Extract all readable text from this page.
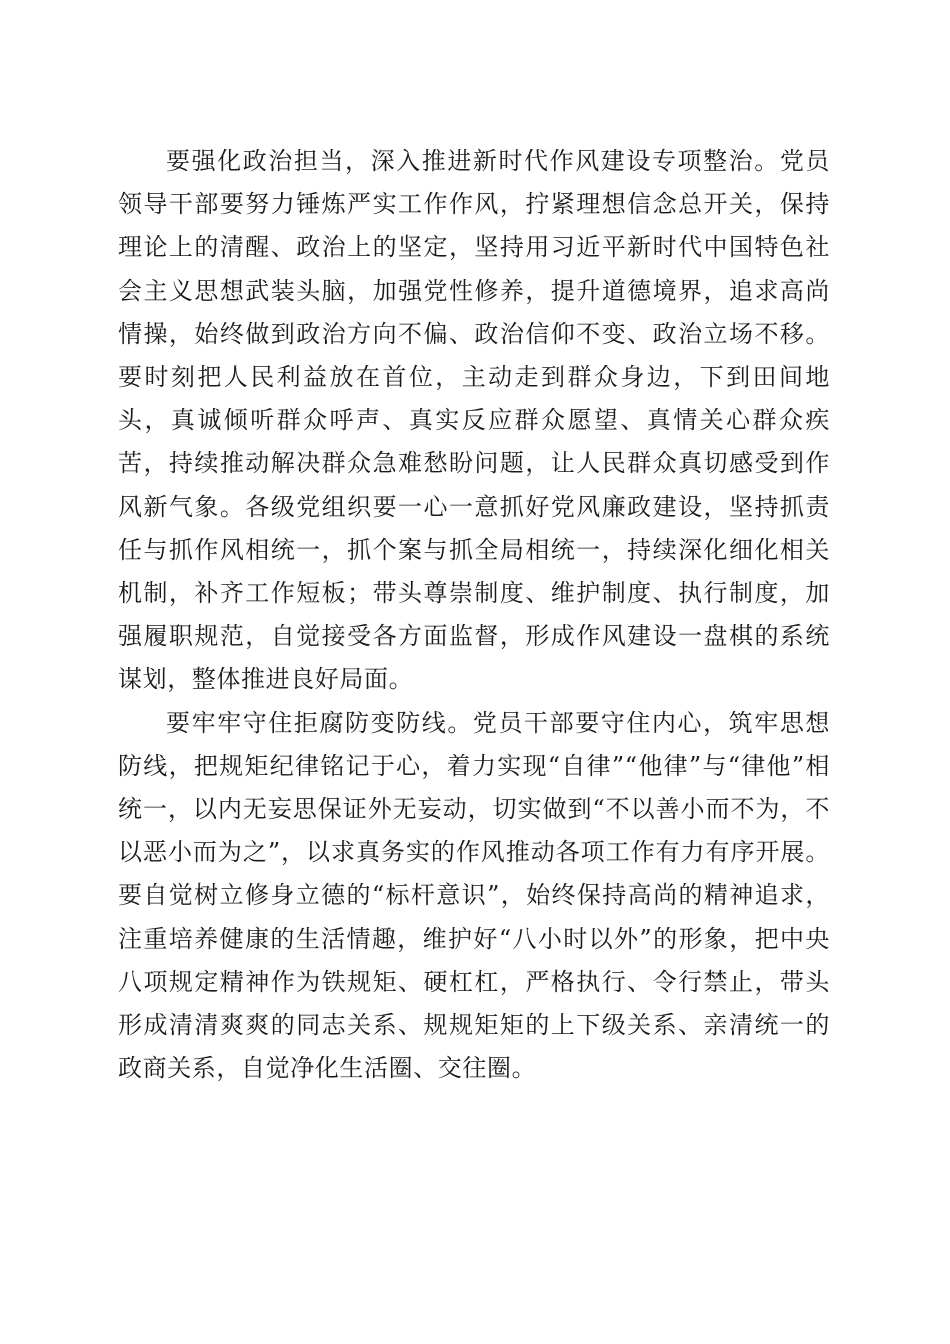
要强化政治担当，深入推进新时代作风建设专项整治。党员领导干部要努力锤炼严实工作作风，拧紧理想信念总开关，保持理论上的清醒、政治上的坚定，坚持用习近平新时代中国特色社会主义思想武装头脑，加强党性修养，提升道德境界，追求高尚情操，始终做到政治方向不偏、政治信仰不变、政治立场不移。要时刻把人民利益放在首位，主动走到群众身边，下到田间地头，真诚倾听群众呼声、真实反应群众愿望、真情关心群众疾苦，持续推动解决群众急难愁盼问题，让人民群众真切感受到作风新气象。各级党组织要一心一意抓好党风廉政建设，坚持抓责任与抓作风相统一，抓个案与抓全局相统一，持续深化细化相关机制，补齐工作短板；带头尊崇制度、维护制度、执行制度，加强履职规范，自觉接受各方面监督，形成作风建设一盘棋的系统谋划，整体推进良好局面。

要牢牢守住拒腐防变防线。党员干部要守住内心，筑牢思想防线，把规矩纪律铭记于心，着力实现“自律”“他律”与“律他”相统一，以内无妄思保证外无妄动，切实做到“不以善小而不为，不以恶小而为之”，以求真务实的作风推动各项工作有力有序开展。要自觉树立修身立德的“标杆意识”，始终保持高尚的精神追求，注重培养健康的生活情趣，维护好“八小时以外”的形象，把中央八项规定精神作为铁规矩、硬杠杠，严格执行、令行禁止，带头形成清清爽爽的同志关系、规规矩矩的上下级关系、亲清统一的政商关系，自觉净化生活圈、交往圈。
